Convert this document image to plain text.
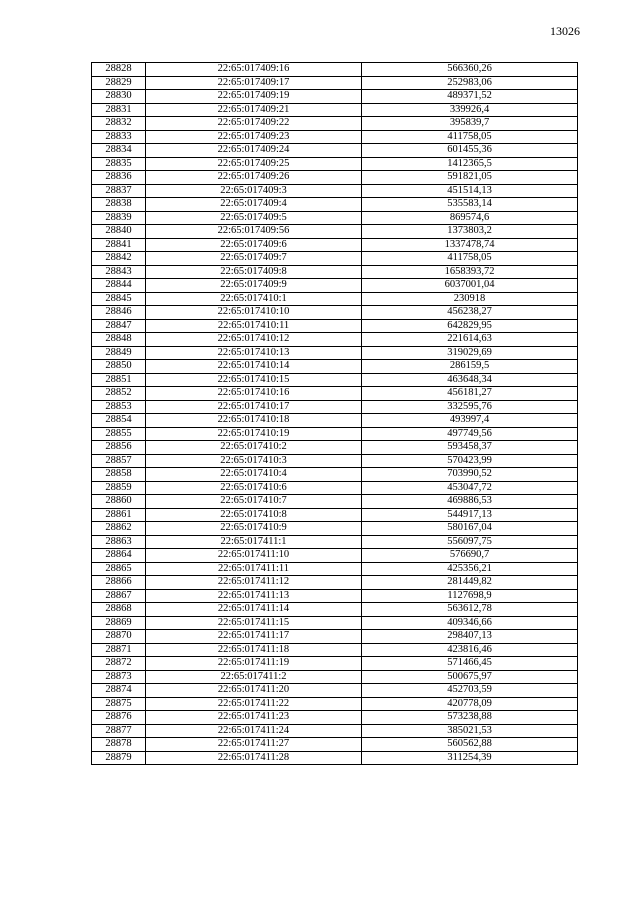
13026
28828	22:65:017409:16	566360,26
28829	22:65:017409:17	252983,06
28830	22:65:017409:19	489371,52
28831	22:65:017409:21	339926,4
28832	22:65:017409:22	395839,7
28833	22:65:017409:23	411758,05
28834	22:65:017409:24	601455,36
28835	22:65:017409:25	1412365,5
28836	22:65:017409:26	591821,05
28837	22:65:017409:3	451514,13
28838	22:65:017409:4	535583,14
28839	22:65:017409:5	869574,6
28840	22:65:017409:56	1373803,2
28841	22:65:017409:6	1337478,74
28842	22:65:017409:7	411758,05
28843	22:65:017409:8	1658393,72
28844	22:65:017409:9	6037001,04
28845	22:65:017410:1	230918
28846	22:65:017410:10	456238,27
28847	22:65:017410:11	642829,95
28848	22:65:017410:12	221614,63
28849	22:65:017410:13	319029,69
28850	22:65:017410:14	286159,5
28851	22:65:017410:15	463648,34
28852	22:65:017410:16	456181,27
28853	22:65:017410:17	332595,76
28854	22:65:017410:18	493997,4
28855	22:65:017410:19	497749,56
28856	22:65:017410:2	593458,37
28857	22:65:017410:3	570423,99
28858	22:65:017410:4	703990,52
28859	22:65:017410:6	453047,72
28860	22:65:017410:7	469886,53
28861	22:65:017410:8	544917,13
28862	22:65:017410:9	580167,04
28863	22:65:017411:1	556097,75
28864	22:65:017411:10	576690,7
28865	22:65:017411:11	425356,21
28866	22:65:017411:12	281449,82
28867	22:65:017411:13	1127698,9
28868	22:65:017411:14	563612,78
28869	22:65:017411:15	409346,66
28870	22:65:017411:17	298407,13
28871	22:65:017411:18	423816,46
28872	22:65:017411:19	571466,45
28873	22:65:017411:2	500675,97
28874	22:65:017411:20	452703,59
28875	22:65:017411:22	420778,09
28876	22:65:017411:23	573238,88
28877	22:65:017411:24	385021,53
28878	22:65:017411:27	560562,88
28879	22:65:017411:28	311254,39
